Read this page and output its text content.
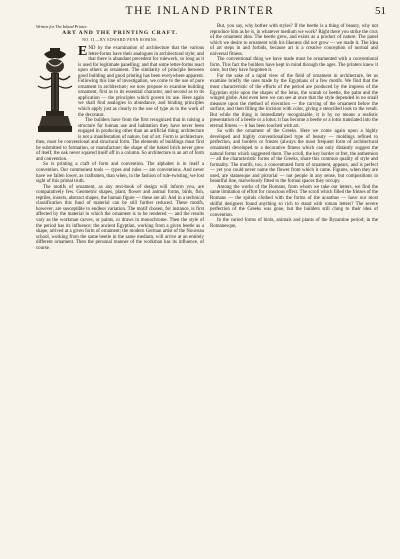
THE INLAND PRINTER	51
Written for The Inland Printer.
ART AND THE PRINTING CRAFT.
NO. II.—BY EDWARD PENN ROBINS.

END by the examination of architecture that the various letter-forms have their analogues in architectural style; and that there is abundant precedent for rulework, so long as it is used for legitimate panelling; and that some letter-forms react upon others as ornament. The similarity of principle between good building and good printing has been everywhere apparent. Following this line of investigation, we come to the use of pure ornament in architecture; we now propose to examine building ornament, first as to its essential character, and second as to its application — the principles which govern its use. Here again we shall find analogies in abundance, and binding principles which apply just as clearly to the use of type as to the work of the decorator.

The builders have from the first recognized that in raising a structure for human use and habitation they have never been engaged in producing other than an artificial thing; architecture is not a manifestation of nature, but of art. Form is architecture, then, must be conventional and structural form. The elements of buildings must first be submitted to formation, or manufacture; the shape of the baked brick never grew of itself; the oak never squared itself off in a column. So architecture is an art of form and convention.

So is printing a craft of form and convention. The alphabet is in itself a convention. Our commonest tools — types and rules — are conventions. And never have we fallen lower, as craftsmen, than when, in the fashion of rule-twisting, we lost sight of this primal truth.

The motifs of ornament, as any text-book of design will inform you, are comparatively few. Geometric shapes, plant, flower and animal forms, birds, fish, reptiles, insects, abstract shapes, the human figure — these are all. And in a technical classification this fund of material can be still further reduced. These motifs, however, are susceptible to endless variation. The motif chosen, for instance, is first affected by the material in which the ornament is to be rendered — and the results vary as the workman carves, or paints, or draws in monochrome. Then the style of the period has its influence; the ancient Egyptian, working from a given beetle as a shape, arrived at a given form of ornament; the modern German artist of the Nouveau school, working from the same beetle in the same medium, will arrive at an entirely different ornament. Then the personal manner of the workman has its influence, of course.

But, you say, why bother with styles? If the beetle is a thing of beauty, why not reproduce him as he is, in whatever medium we work? Right there you strike the crux of the ornament idea. The beetle grew, and exists as a product of nature. The panel which we desire to ornament with his likeness did not grow — we made it. The idea of art steps in and forbids, because art is a creative conception of normal and universal fitness.

The conventional thing we have made must be ornamented with a conventional form. This fact the builders have kept in mind through the ages. The printers knew it once, but they have forgotten it.

For the sake of a rapid view of the field of ornament in architecture, let us examine briefly the uses made by the Egyptians of a few motifs. We find that the most characteristic of the efforts of the period are produced by the impress of the Egyptian style upon the shapes of the lotus, the scarab or beetle, the palm and the winged globe. And even here we can see at once that the style depended in no small measure upon the method of execution — the carving of the ornament below the surface, and then filling the incision with color, giving a stencilled look to the result. But while the thing is immediately recognizable, it is by no means a realistic presentation of a beetle or a lotus; it has become a beetle or a lotus translated into the eternal fitness — it has been touched with art.

So with the ornament of the Greeks. Here we come again upon a highly developed and highly conventionalized type of beauty — moldings refined to perfection, and borders or friezes (always the most frequent form of architectural ornament) developed to a decorative fitness which can only distantly suggest the natural forms which suggested them. The scroll, the key border or fret, the anthemion — all the characteristic forms of the Greeks, share this common quality of style and formality. The motifs, too, a concentrated form of ornament, appears, and is perfect — yet you could never name the flower from which it came. Figures, when they are used, are statuesque and pictorial — not people in any sense, but compositions in beautiful line, marvelously fitted to the formal spaces they occupy.

Among the works of the Romans, from whom we take our letters, we find the same limitation of effort for conscious effect. The scroll which filled the friezes of the Romans — the spirals clothed with the forms of the acanthus — have our most skilful designers found anything so rich to stand with roman letters? The severe perfection of the Greeks was gone, but the builders still clung to their idea of convention.

In the varied forms of birds, animals and plants of the Byzantine period; in the Romanesque,
